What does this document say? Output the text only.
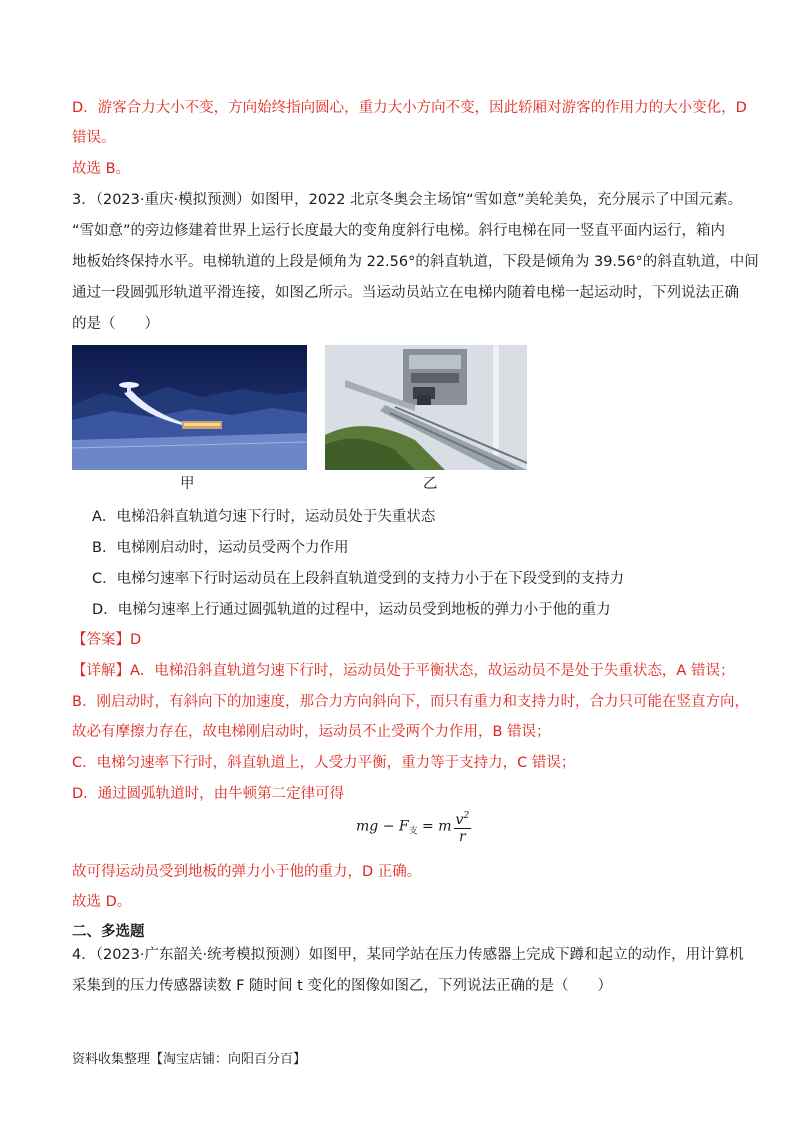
D．游客合力大小不变，方向始终指向圆心，重力大小方向不变，因此轿厢对游客的作用力的大小变化，D
错误。
故选 B。
3．（2023·重庆·模拟预测）如图甲，2022 北京冬奥会主场馆“雪如意”美轮美奂，充分展示了中国元素。
“雪如意”的旁边修建着世界上运行长度最大的变角度斜行电梯。斜行电梯在同一竖直平面内运行，箱内
地板始终保持水平。电梯轨道的上段是倾角为 22.56°的斜直轨道，下段是倾角为 39.56°的斜直轨道，中间
通过一段圆弧形轨道平滑连接，如图乙所示。当运动员站立在电梯内随着电梯一起运动时，下列说法正确
的是（　　）
甲	乙
A．电梯沿斜直轨道匀速下行时，运动员处于失重状态
B．电梯刚启动时，运动员受两个力作用
C．电梯匀速率下行时运动员在上段斜直轨道受到的支持力小于在下段受到的支持力
D．电梯匀速率上行通过圆弧轨道的过程中，运动员受到地板的弹力小于他的重力
【答案】D
【详解】A．电梯沿斜直轨道匀速下行时，运动员处于平衡状态，故运动员不是处于失重状态，A 错误；
B．刚启动时，有斜向下的加速度，那合力方向斜向下，而只有重力和支持力时，合力只可能在竖直方向，
故必有摩擦力存在，故电梯刚启动时，运动员不止受两个力作用，B 错误；
C．电梯匀速率下行时，斜直轨道上，人受力平衡，重力等于支持力，C 错误；
D．通过圆弧轨道时，由牛顿第二定律可得
mg − $F_支 = m \frac{v^2}{r}$
故可得运动员受到地板的弹力小于他的重力，D 正确。
故选 D。
二、多选题
4．（2023·广东韶关·统考模拟预测）如图甲，某同学站在压力传感器上完成下蹲和起立的动作，用计算机
采集到的压力传感器读数 F 随时间 t 变化的图像如图乙，下列说法正确的是（　　）
资料收集整理【淘宝店铺：向阳百分百】
